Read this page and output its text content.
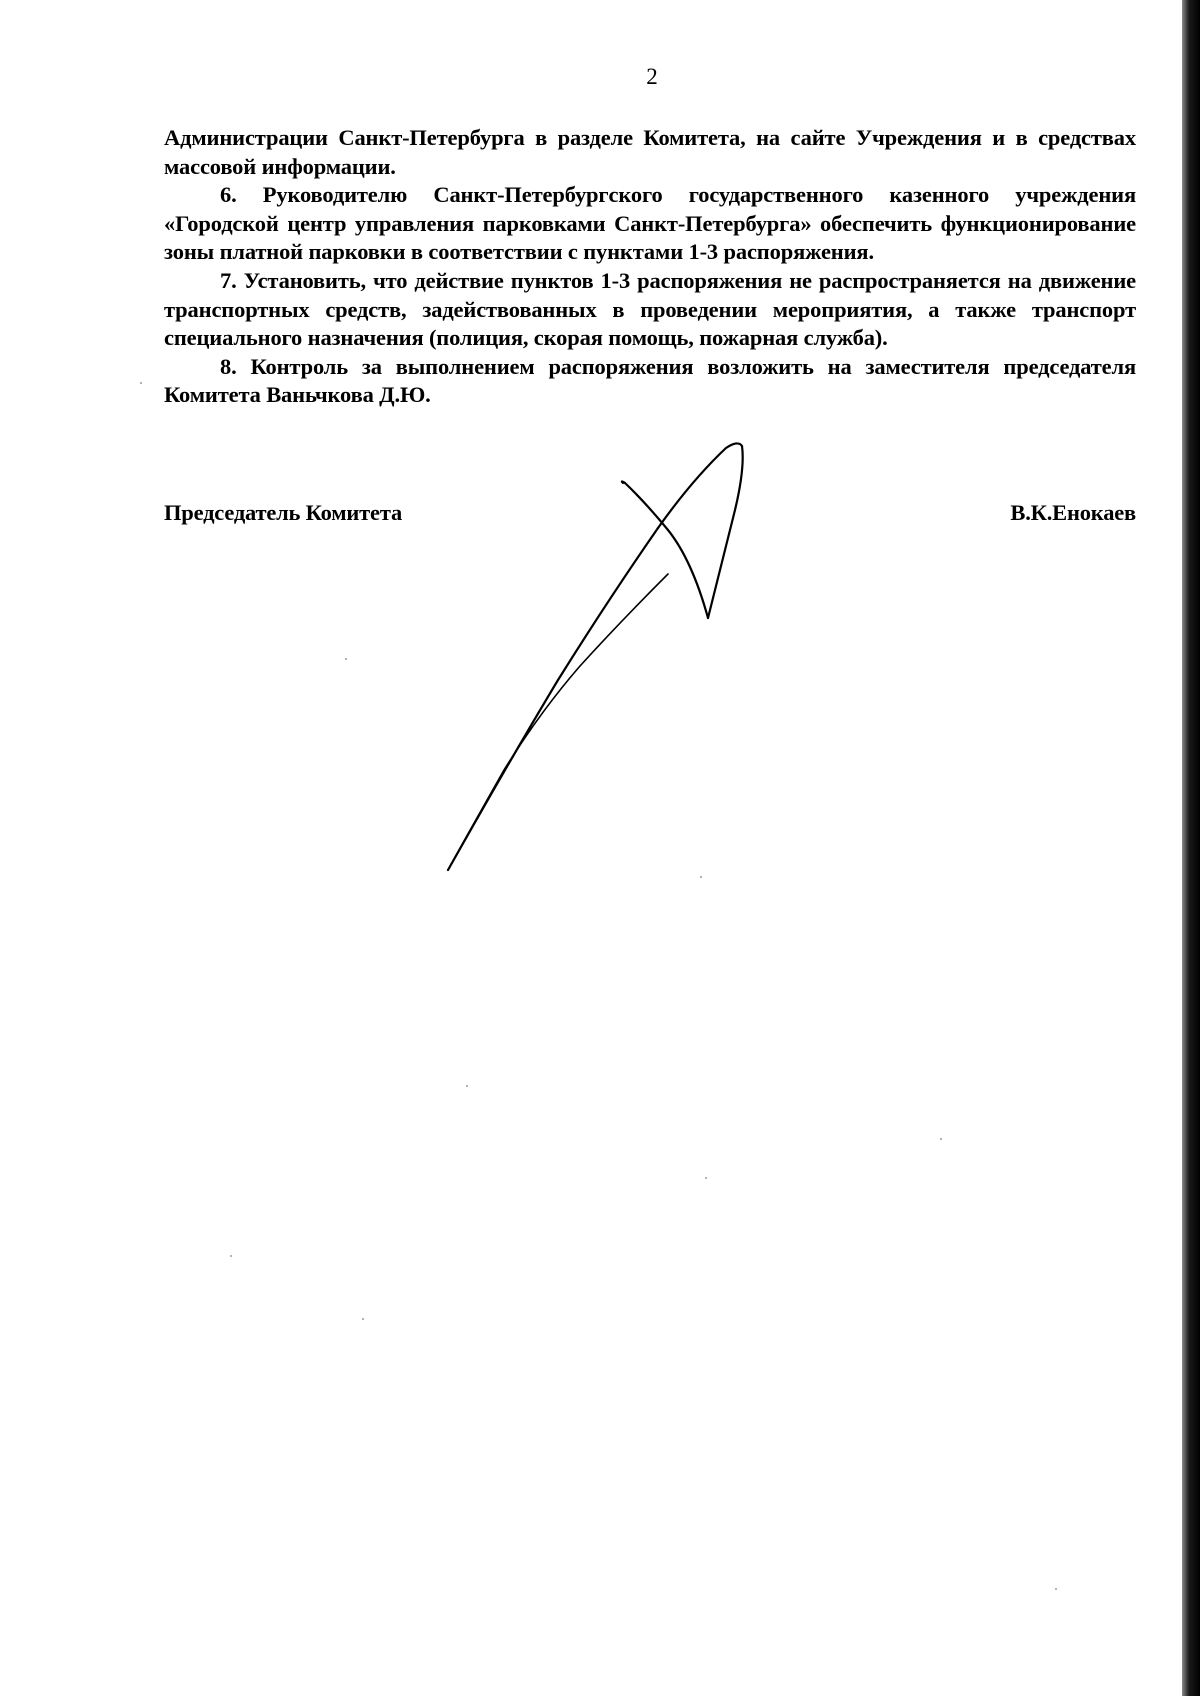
2

Администрации Санкт-Петербурга в разделе Комитета, на сайте Учреждения и в средствах массовой информации.

6. Руководителю Санкт-Петербургского государственного казенного учреждения «Городской центр управления парковками Санкт-Петербурга» обеспечить функционирование зоны платной парковки в соответствии с пунктами 1-3 распоряжения.

7. Установить, что действие пунктов 1-3 распоряжения не распространяется на движение транспортных средств, задействованных в проведении мероприятия, а также транспорт специального назначения (полиция, скорая помощь, пожарная служба).

8. Контроль за выполнением распоряжения возложить на заместителя председателя Комитета Ваньчкова Д.Ю.

Председатель Комитета	В.К.Енокаев
